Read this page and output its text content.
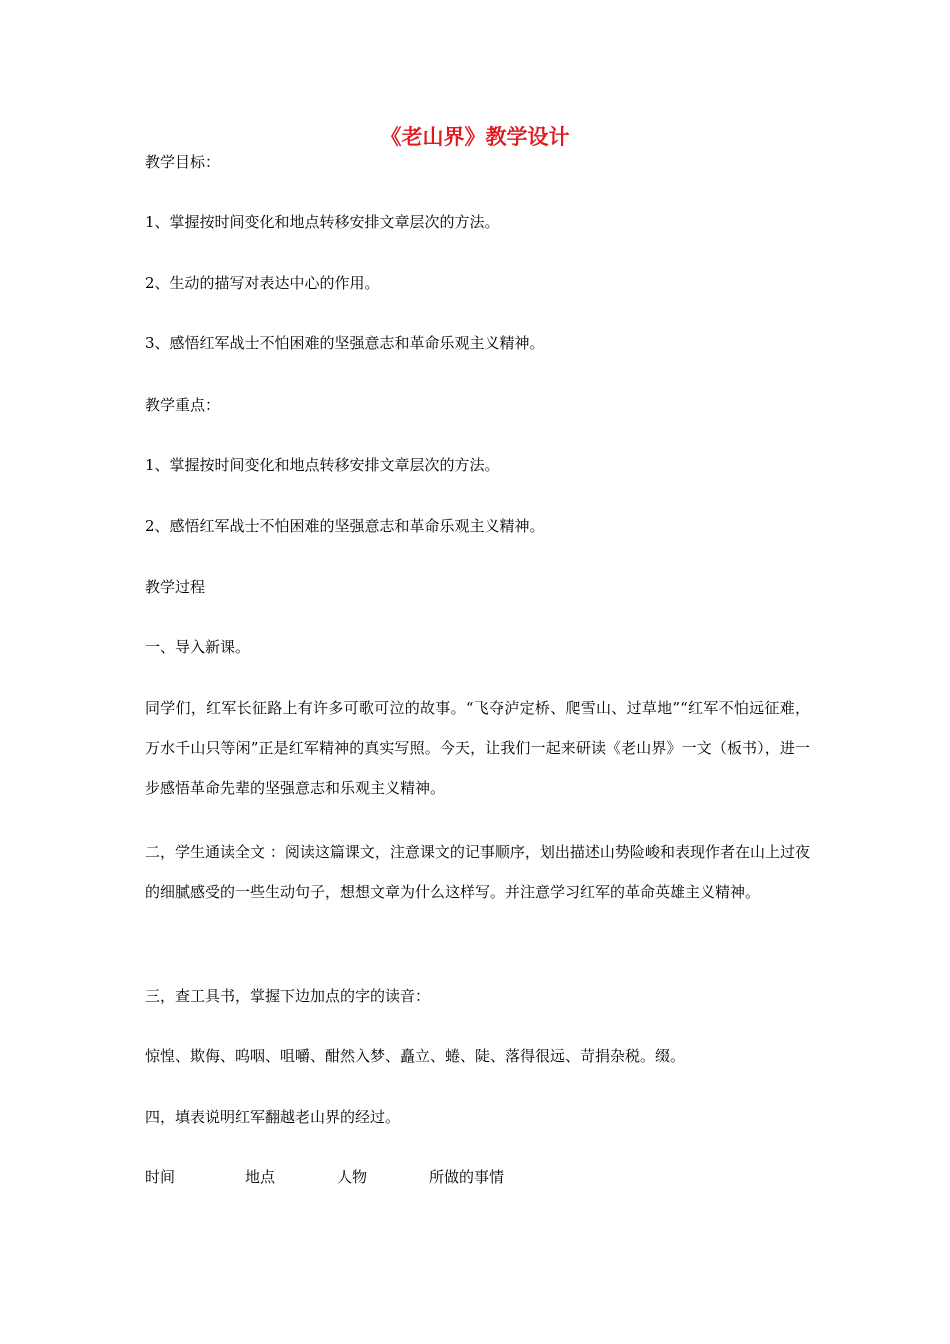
《老山界》教学设计
教学目标：
1、掌握按时间变化和地点转移安排文章层次的方法。
2、生动的描写对表达中心的作用。
3、感悟红军战士不怕困难的坚强意志和革命乐观主义精神。
教学重点：
1、掌握按时间变化和地点转移安排文章层次的方法。
2、感悟红军战士不怕困难的坚强意志和革命乐观主义精神。
教学过程
一、导入新课。
同学们，红军长征路上有许多可歌可泣的故事。“飞夺泸定桥、爬雪山、过草地”“红军不怕远征难，万水千山只等闲”正是红军精神的真实写照。今天，让我们一起来研读《老山界》一文（板书），进一步感悟革命先辈的坚强意志和乐观主义精神。
二，学生通读全文 ：阅读这篇课文，注意课文的记事顺序，划出描述山势险峻和表现作者在山上过夜的细腻感受的一些生动句子，想想文章为什么这样写。并注意学习红军的革命英雄主义精神。
三，查工具书，掌握下边加点的字的读音：
惊惶、欺侮、呜咽、咀嚼、酣然入梦、矗立、蜷、陡、落得很远、苛捐杂税。缀。
四，填表说明红军翻越老山界的经过。
时间	地点	人物	所做的事情
